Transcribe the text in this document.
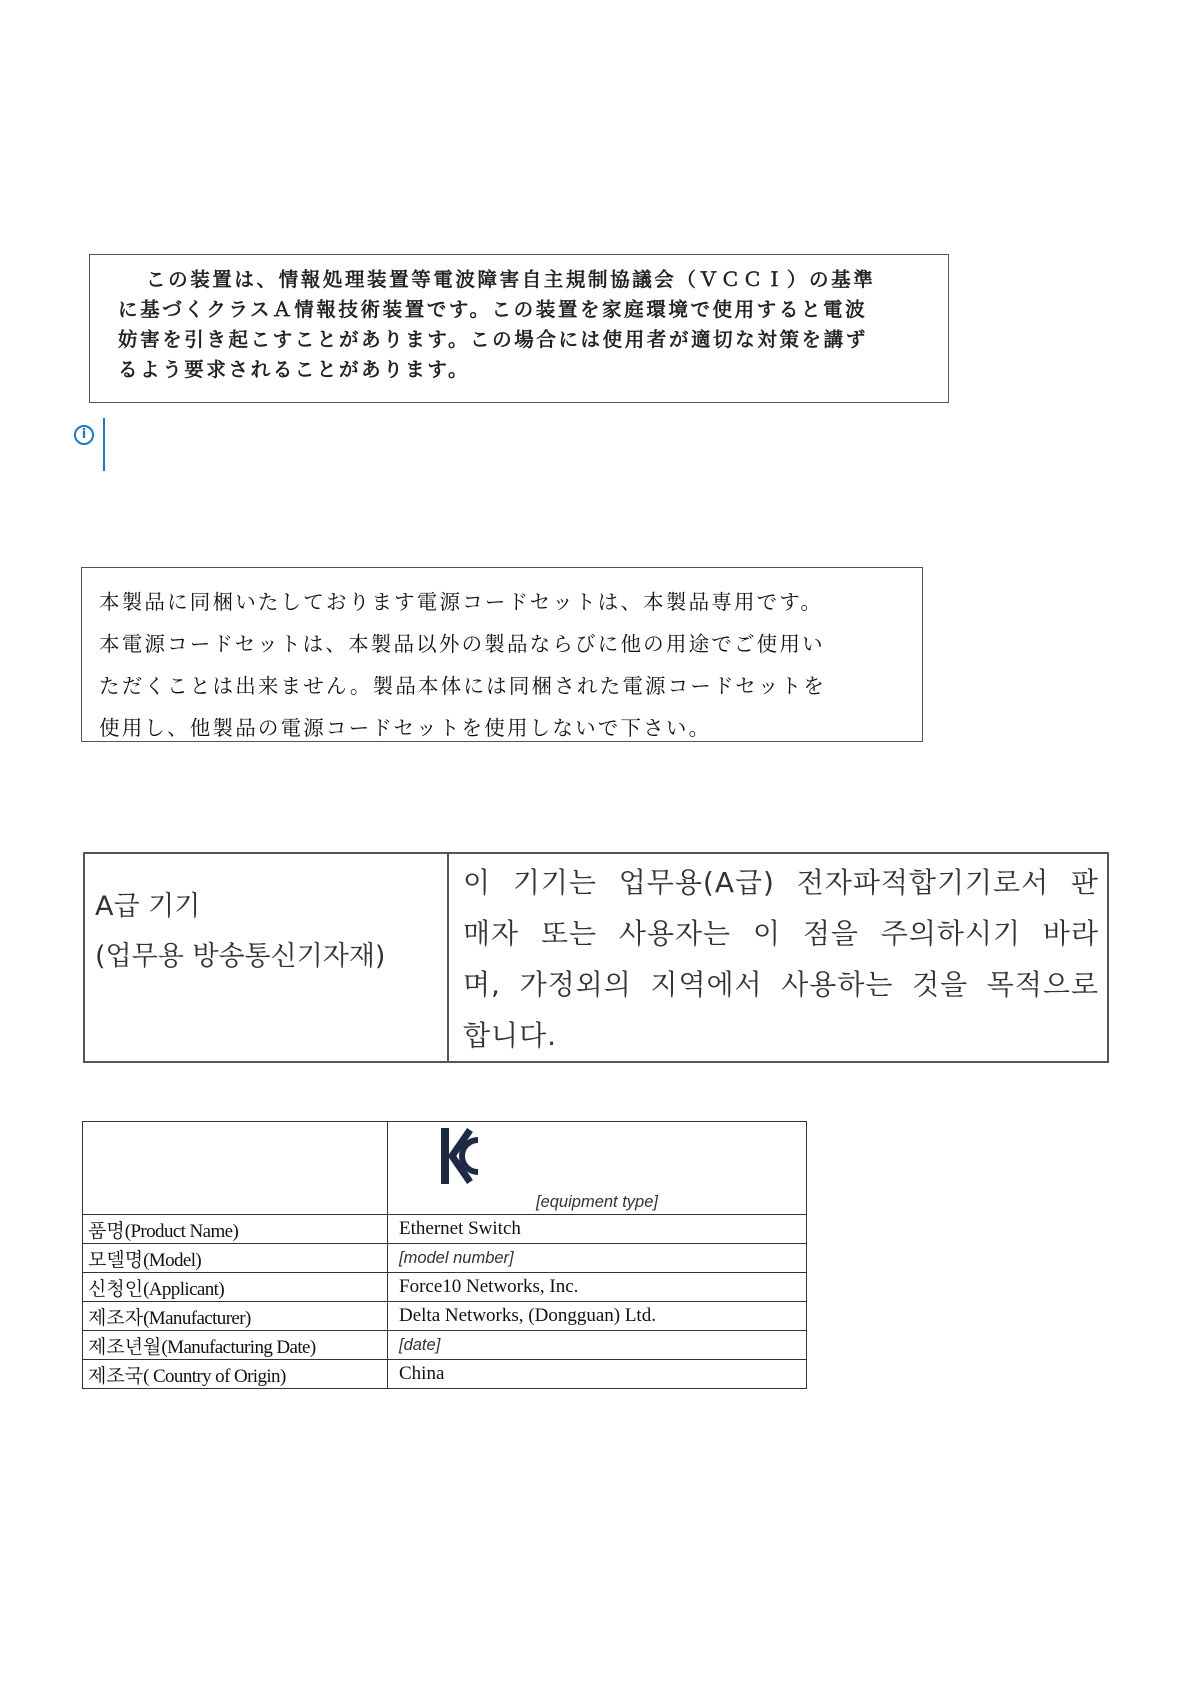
この装置は、情報処理装置等電波障害自主規制協議会（ＶＣＣＩ）の基準

に基づくクラスＡ情報技術装置です。この装置を家庭環境で使用すると電波

妨害を引き起こすことがあります。この場合には使用者が適切な対策を講ず

るよう要求されることがあります。

i

本製品に同梱いたしております電源コードセットは、本製品専用です。

本電源コードセットは、本製品以外の製品ならびに他の用途でご使用い

ただくことは出来ません。製品本体には同梱された電源コードセットを

使用し、他製品の電源コードセットを使用しないで下さい。

A급 기기
(업무용 방송통신기자재)

이 기기는 업무용(A급) 전자파적합기기로서 판
매자 또는 사용자는 이 점을 주의하시기 바라
며, 가정외의 지역에서 사용하는 것을 목적으로
합니다.

	[equipment type]

품명(Product Name)	Ethernet Switch
모델명(Model)	[model number]
신청인(Applicant)	Force10 Networks, Inc.
제조자(Manufacturer)	Delta Networks, (Dongguan) Ltd.
제조년월(Manufacturing Date)	[date]
제조국( Country of Origin)	China
